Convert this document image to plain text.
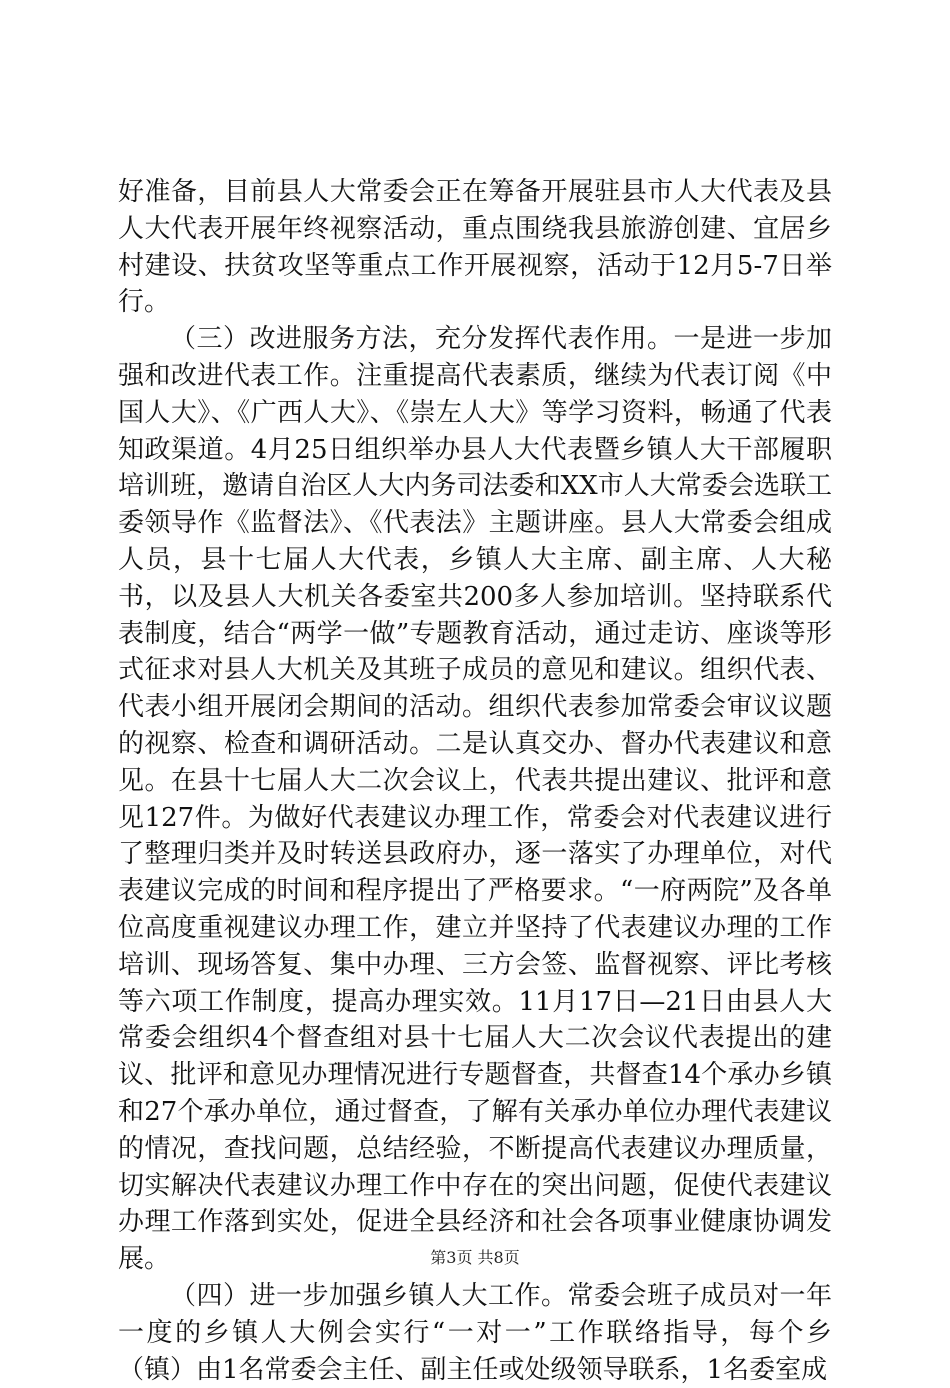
好准备，目前县人大常委会正在筹备开展驻县市人大代表及县人大代表开展年终视察活动，重点围绕我县旅游创建、宜居乡村建设、扶贫攻坚等重点工作开展视察，活动于12月5-7日举行。

（三）改进服务方法，充分发挥代表作用。一是进一步加强和改进代表工作。注重提高代表素质，继续为代表订阅《中国人大》、《广西人大》、《崇左人大》等学习资料，畅通了代表知政渠道。4月25日组织举办县人大代表暨乡镇人大干部履职培训班，邀请自治区人大内务司法委和XX市人大常委会选联工委领导作《监督法》、《代表法》主题讲座。县人大常委会组成人员，县十七届人大代表，乡镇人大主席、副主席、人大秘书，以及县人大机关各委室共200多人参加培训。坚持联系代表制度，结合“两学一做”专题教育活动，通过走访、座谈等形式征求对县人大机关及其班子成员的意见和建议。组织代表、代表小组开展闭会期间的活动。组织代表参加常委会审议议题的视察、检查和调研活动。二是认真交办、督办代表建议和意见。在县十七届人大二次会议上，代表共提出建议、批评和意见127件。为做好代表建议办理工作，常委会对代表建议进行了整理归类并及时转送县政府办，逐一落实了办理单位，对代表建议完成的时间和程序提出了严格要求。“一府两院”及各单位高度重视建议办理工作，建立并坚持了代表建议办理的工作培训、现场答复、集中办理、三方会签、监督视察、评比考核等六项工作制度，提高办理实效。11月17日—21日由县人大常委会组织4个督查组对县十七届人大二次会议代表提出的建议、批评和意见办理情况进行专题督查，共督查14个承办乡镇和27个承办单位，通过督查，了解有关承办单位办理代表建议的情况，查找问题，总结经验，不断提高代表建议办理质量，切实解决代表建议办理工作中存在的突出问题，促使代表建议办理工作落到实处，促进全县经济和社会各项事业健康协调发展。

（四）进一步加强乡镇人大工作。常委会班子成员对一年一度的乡镇人大例会实行“一对一”工作联络指导，每个乡（镇）由1名常委会主任、副主任或处级领导联系，1名委室成

第3页 共8页
